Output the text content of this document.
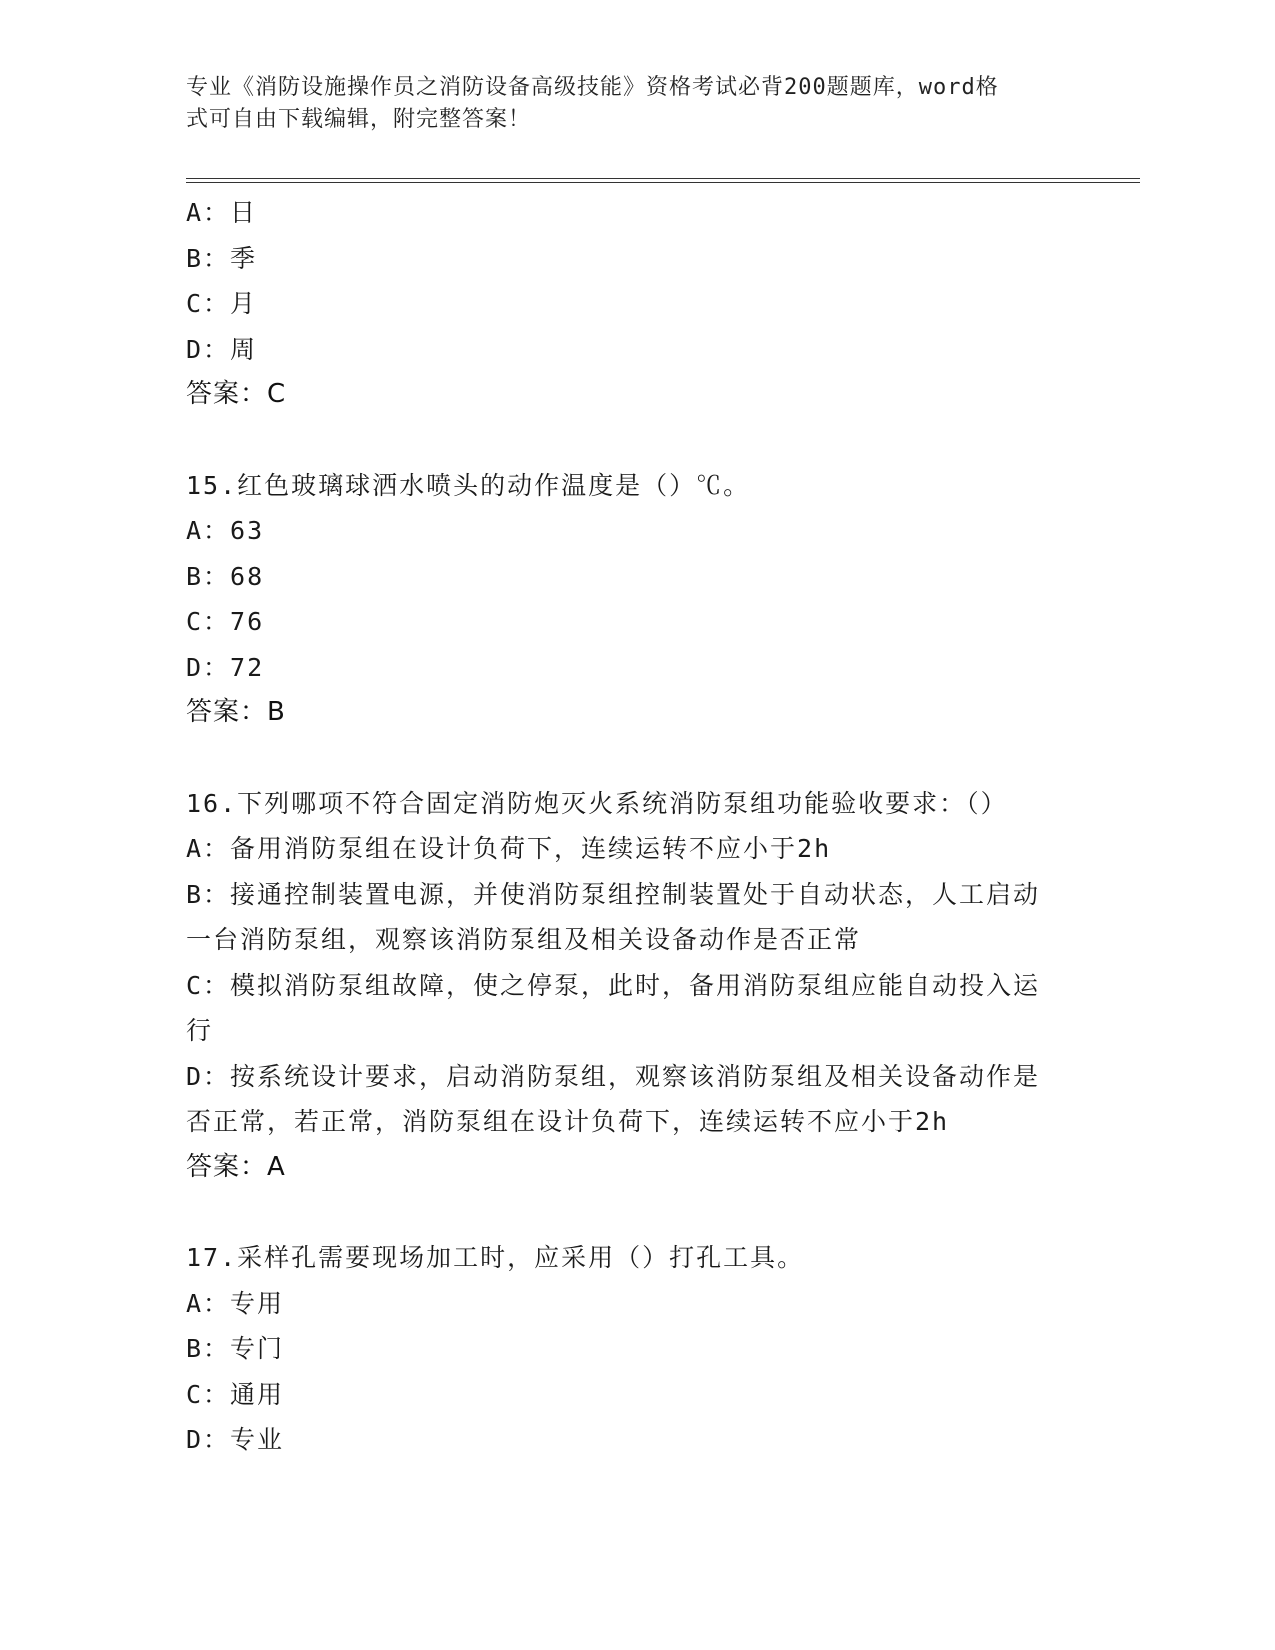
专业《消防设施操作员之消防设备高级技能》资格考试必背200题题库，word格
式可自由下载编辑，附完整答案！

A：日

B：季

C：月

D：周

答案：C

15.红色玻璃球洒水喷头的动作温度是（）℃。

A：63

B：68

C：76

D：72

答案：B

16.下列哪项不符合固定消防炮灭火系统消防泵组功能验收要求：（）

A：备用消防泵组在设计负荷下，连续运转不应小于2h

B：接通控制装置电源，并使消防泵组控制装置处于自动状态，人工启动一台消防泵组，观察该消防泵组及相关设备动作是否正常

C：模拟消防泵组故障，使之停泵，此时，备用消防泵组应能自动投入运行

D：按系统设计要求，启动消防泵组，观察该消防泵组及相关设备动作是否正常，若正常，消防泵组在设计负荷下，连续运转不应小于2h

答案：A

17.采样孔需要现场加工时，应采用（）打孔工具。

A：专用

B：专门

C：通用

D：专业
